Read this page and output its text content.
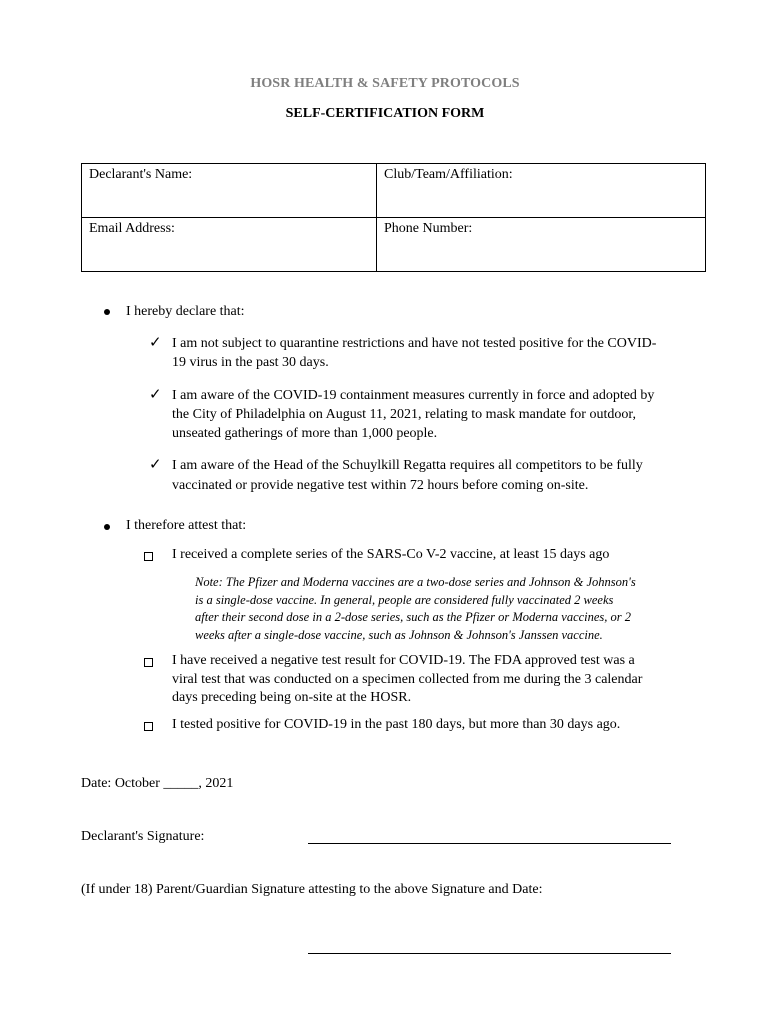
HOSR HEALTH & SAFETY PROTOCOLS
SELF-CERTIFICATION FORM
Declarant's Name:	Club/Team/Affiliation:
Email Address:	Phone Number:
I hereby declare that:
✓ I am not subject to quarantine restrictions and have not tested positive for the COVID-
19 virus in the past 30 days.
✓ I am aware of the COVID-19 containment measures currently in force and adopted by
the City of Philadelphia on August 11, 2021, relating to mask mandate for outdoor,
unseated gatherings of more than 1,000 people.
✓ I am aware of the Head of the Schuylkill Regatta requires all competitors to be fully
vaccinated or provide negative test within 72 hours before coming on-site.
I therefore attest that:
I received a complete series of the SARS-Co V-2 vaccine, at least 15 days ago
Note: The Pfizer and Moderna vaccines are a two-dose series and Johnson & Johnson's
is a single-dose vaccine. In general, people are considered fully vaccinated 2 weeks
after their second dose in a 2-dose series, such as the Pfizer or Moderna vaccines, or 2
weeks after a single-dose vaccine, such as Johnson & Johnson's Janssen vaccine.
I have received a negative test result for COVID-19. The FDA approved test was a
viral test that was conducted on a specimen collected from me during the 3 calendar
days preceding being on-site at the HOSR.
I tested positive for COVID-19 in the past 180 days, but more than 30 days ago.
Date: October _____, 2021
Declarant's Signature:
(If under 18) Parent/Guardian Signature attesting to the above Signature and Date:
